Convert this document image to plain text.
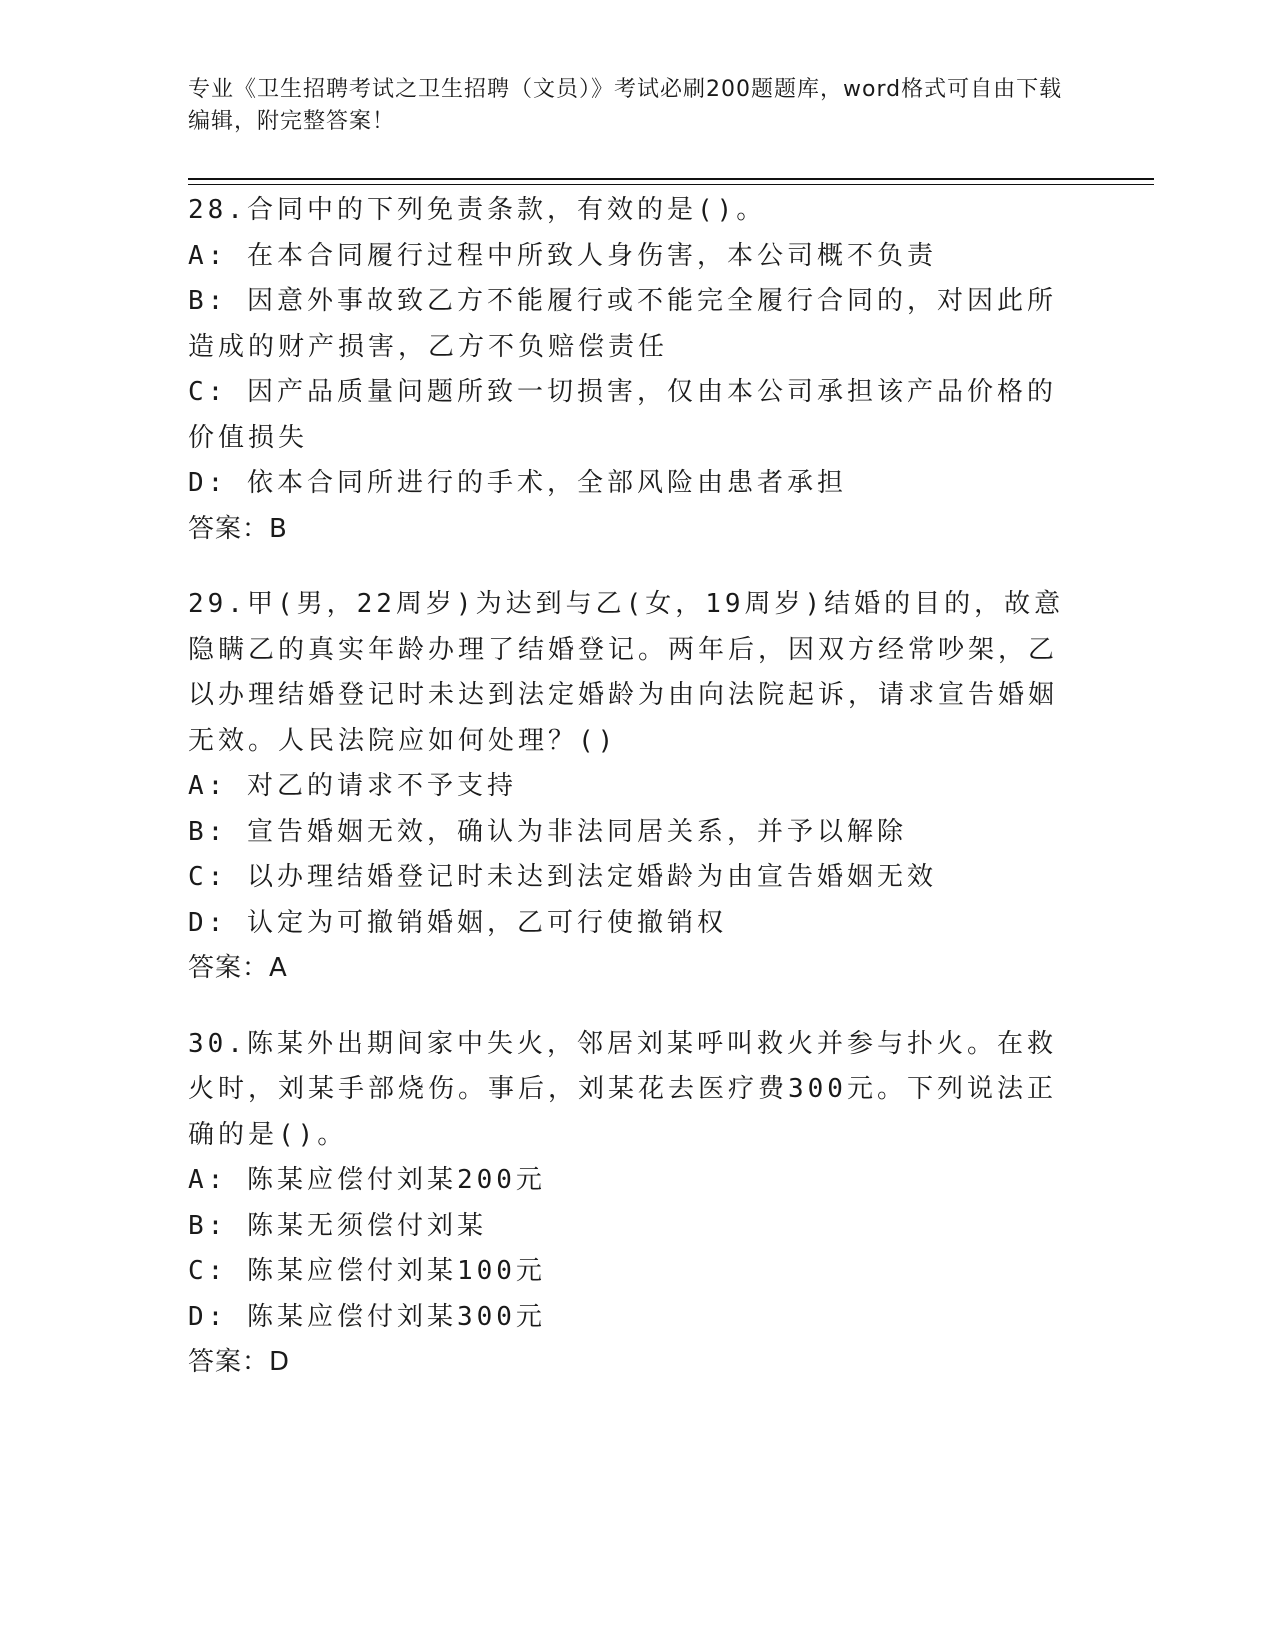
专业《卫生招聘考试之卫生招聘（文员）》考试必刷200题题库，word格式可自由下载编辑，附完整答案！
28.合同中的下列免责条款，有效的是()。
A: 在本合同履行过程中所致人身伤害，本公司概不负责
B: 因意外事故致乙方不能履行或不能完全履行合同的，对因此所造成的财产损害，乙方不负赔偿责任
C: 因产品质量问题所致一切损害，仅由本公司承担该产品价格的价值损失
D: 依本合同所进行的手术，全部风险由患者承担
答案：B
29.甲(男，22周岁)为达到与乙(女，19周岁)结婚的目的，故意隐瞒乙的真实年龄办理了结婚登记。两年后，因双方经常吵架，乙以办理结婚登记时未达到法定婚龄为由向法院起诉，请求宣告婚姻无效。人民法院应如何处理？()
A: 对乙的请求不予支持
B: 宣告婚姻无效，确认为非法同居关系，并予以解除
C: 以办理结婚登记时未达到法定婚龄为由宣告婚姻无效
D: 认定为可撤销婚姻，乙可行使撤销权
答案：A
30.陈某外出期间家中失火，邻居刘某呼叫救火并参与扑火。在救火时，刘某手部烧伤。事后，刘某花去医疗费300元。下列说法正确的是()。
A: 陈某应偿付刘某200元
B: 陈某无须偿付刘某
C: 陈某应偿付刘某100元
D: 陈某应偿付刘某300元
答案：D
